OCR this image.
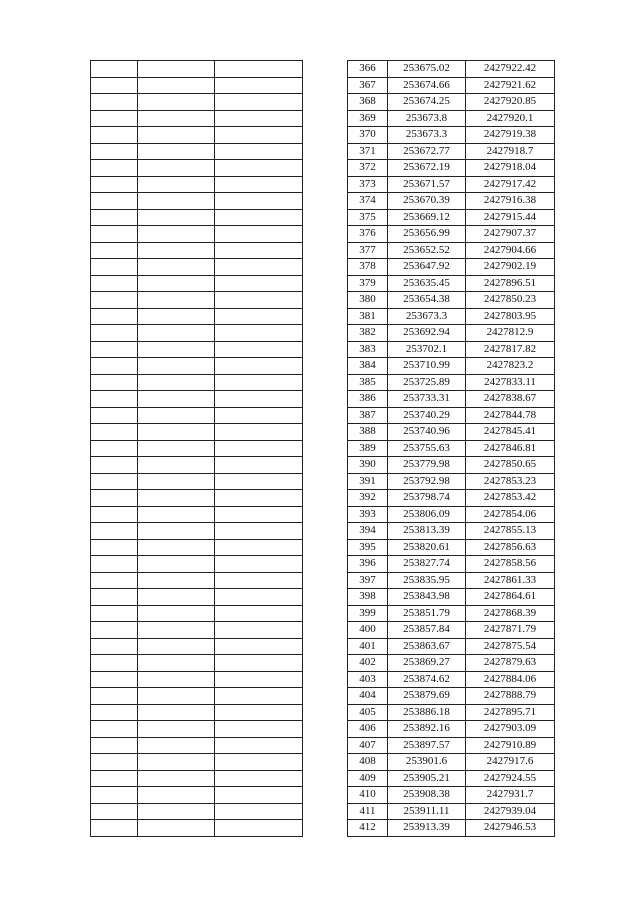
366	253675.02	2427922.42
367	253674.66	2427921.62
368	253674.25	2427920.85
369	253673.8	2427920.1
370	253673.3	2427919.38
371	253672.77	2427918.7
372	253672.19	2427918.04
373	253671.57	2427917.42
374	253670.39	2427916.38
375	253669.12	2427915.44
376	253656.99	2427907.37
377	253652.52	2427904.66
378	253647.92	2427902.19
379	253635.45	2427896.51
380	253654.38	2427850.23
381	253673.3	2427803.95
382	253692.94	2427812.9
383	253702.1	2427817.82
384	253710.99	2427823.2
385	253725.89	2427833.11
386	253733.31	2427838.67
387	253740.29	2427844.78
388	253740.96	2427845.41
389	253755.63	2427846.81
390	253779.98	2427850.65
391	253792.98	2427853.23
392	253798.74	2427853.42
393	253806.09	2427854.06
394	253813.39	2427855.13
395	253820.61	2427856.63
396	253827.74	2427858.56
397	253835.95	2427861.33
398	253843.98	2427864.61
399	253851.79	2427868.39
400	253857.84	2427871.79
401	253863.67	2427875.54
402	253869.27	2427879.63
403	253874.62	2427884.06
404	253879.69	2427888.79
405	253886.18	2427895.71
406	253892.16	2427903.09
407	253897.57	2427910.89
408	253901.6	2427917.6
409	253905.21	2427924.55
410	253908.38	2427931.7
411	253911.11	2427939.04
412	253913.39	2427946.53
